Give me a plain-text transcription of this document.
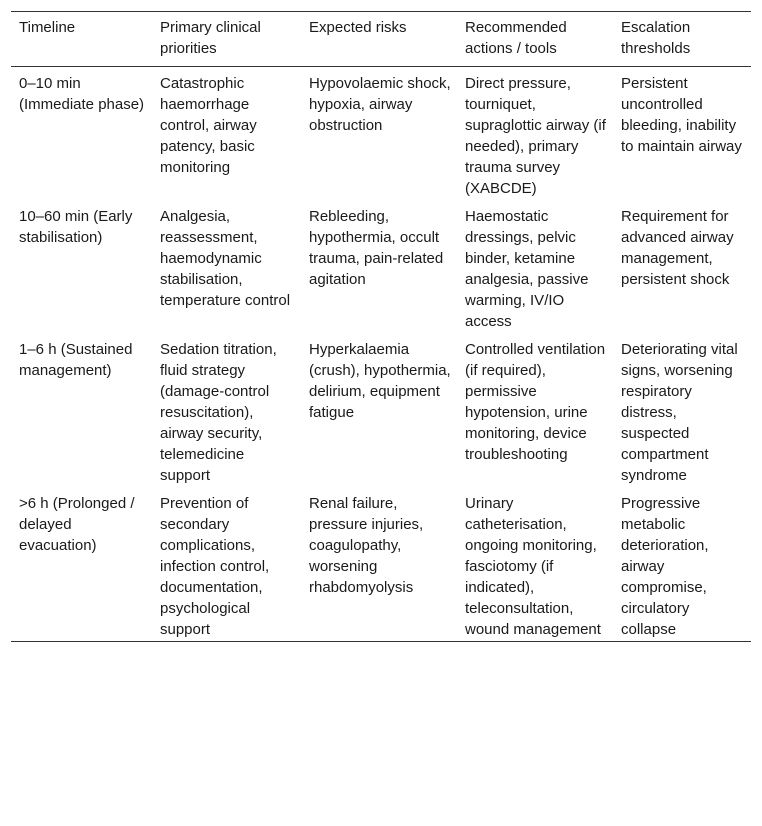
Timeline	Primary clinical priorities	Expected risks	Recommended actions / tools	Escalation thresholds
0–10 min (Immediate phase)	Catastrophic haemorrhage control, airway patency, basic monitoring	Hypovolaemic shock, hypoxia, airway obstruction	Direct pressure, tourniquet, supraglottic airway (if needed), primary trauma survey (XABCDE)	Persistent uncontrolled bleeding, inability to maintain airway
10–60 min (Early stabilisation)	Analgesia, reassessment, haemodynamic stabilisation, temperature control	Rebleeding, hypothermia, occult trauma, pain-related agitation	Haemostatic dressings, pelvic binder, ketamine analgesia, passive warming, IV/IO access	Requirement for advanced airway management, persistent shock
1–6 h (Sustained management)	Sedation titration, fluid strategy (damage-control resuscitation), airway security, telemedicine support	Hyperkalaemia (crush), hypothermia, delirium, equipment fatigue	Controlled ventilation (if required), permissive hypotension, urine monitoring, device troubleshooting	Deteriorating vital signs, worsening respiratory distress, suspected compartment syndrome
>6 h (Prolonged / delayed evacuation)	Prevention of secondary complications, infection control, documentation, psychological support	Renal failure, pressure injuries, coagulopathy, worsening rhabdomyolysis	Urinary catheterisation, ongoing monitoring, fasciotomy (if indicated), teleconsultation, wound management	Progressive metabolic deterioration, airway compromise, circulatory collapse
